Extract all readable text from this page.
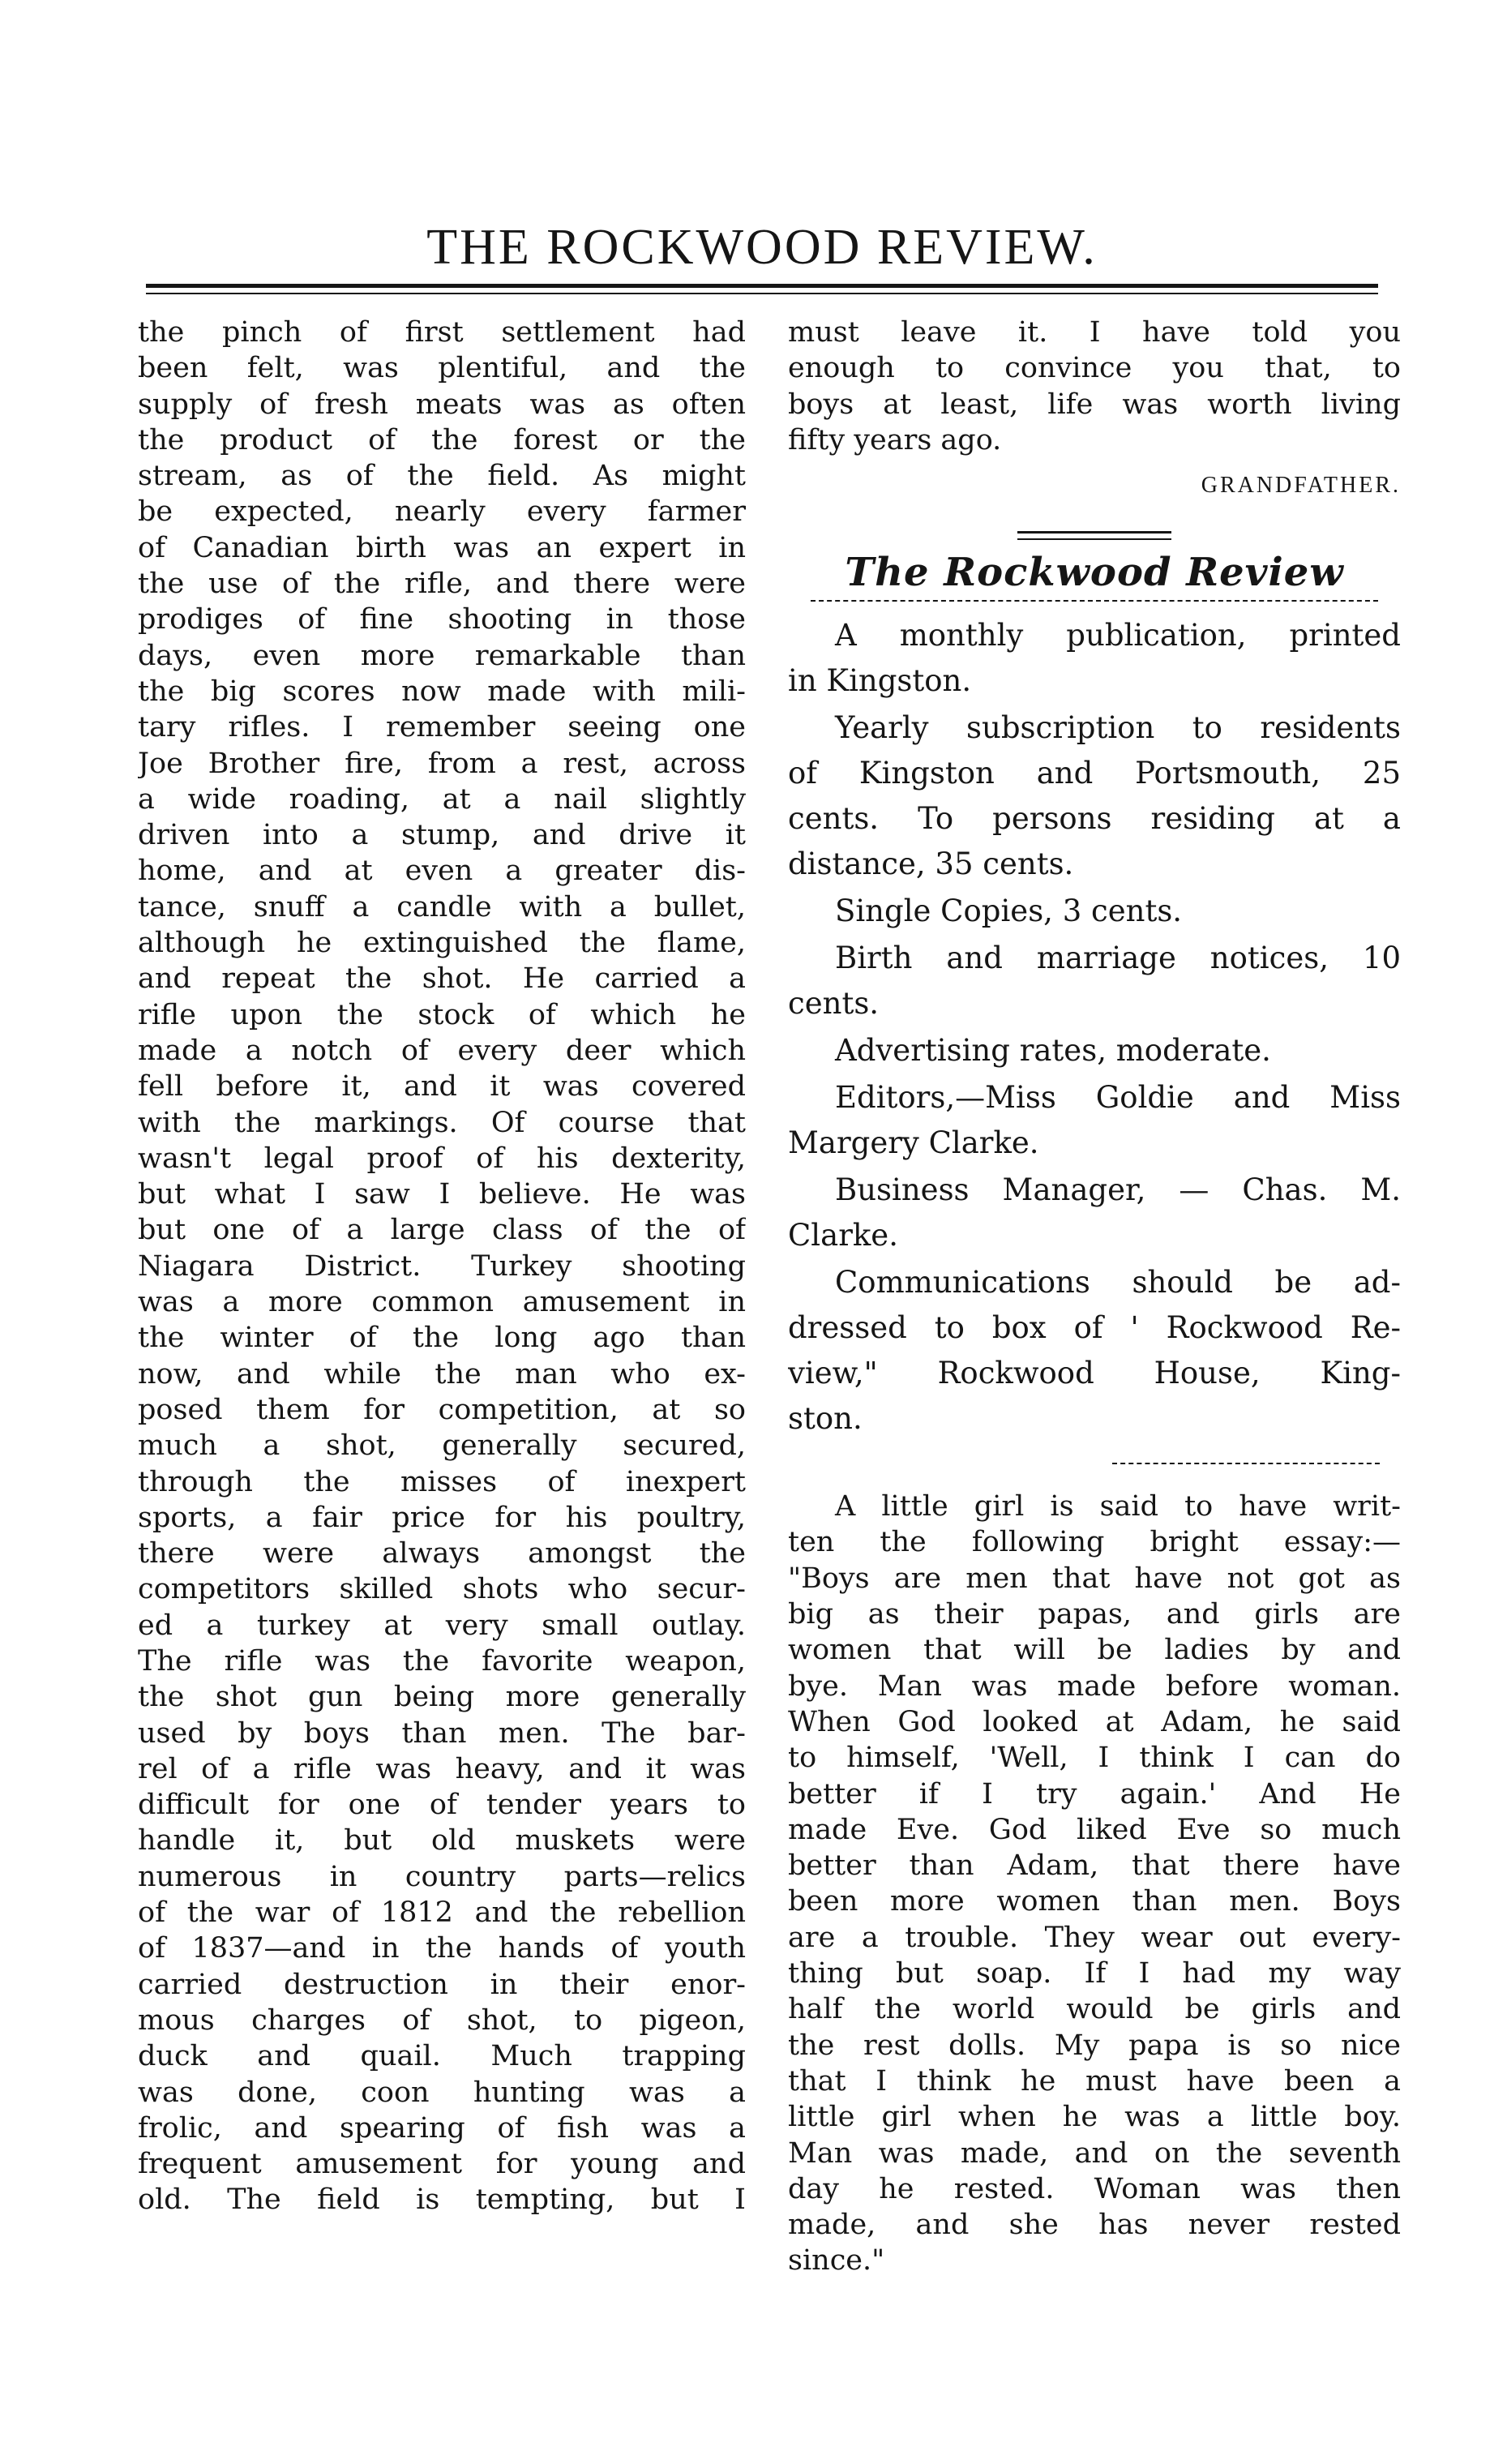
THE ROCKWOOD REVIEW.
the pinch of first settlement had
been felt, was plentiful, and the
supply of fresh meats was as often
the product of the forest or the
stream, as of the field. As might
be expected, nearly every farmer
of Canadian birth was an expert in
the use of the rifle, and there were
prodiges of fine shooting in those
days, even more remarkable than
the big scores now made with mili-
tary rifles. I remember seeing one
Joe Brother fire, from a rest, across
a wide roading, at a nail slightly
driven into a stump, and drive it
home, and at even a greater dis-
tance, snuff a candle with a bullet,
although he extinguished the flame,
and repeat the shot. He carried a
rifle upon the stock of which he
made a notch of every deer which
fell before it, and it was covered
with the markings. Of course that
wasn't legal proof of his dexterity,
but what I saw I believe. He was
but one of a large class of the of
Niagara District. Turkey shooting
was a more common amusement in
the winter of the long ago than
now, and while the man who ex-
posed them for competition, at so
much a shot, generally secured,
through the misses of inexpert
sports, a fair price for his poultry,
there were always amongst the
competitors skilled shots who secur-
ed a turkey at very small outlay.
The rifle was the favorite weapon,
the shot gun being more generally
used by boys than men. The bar-
rel of a rifle was heavy, and it was
difficult for one of tender years to
handle it, but old muskets were
numerous in country parts—relics
of the war of 1812 and the rebellion
of 1837—and in the hands of youth
carried destruction in their enor-
mous charges of shot, to pigeon,
duck and quail. Much trapping
was done, coon hunting was a
frolic, and spearing of fish was a
frequent amusement for young and
old. The field is tempting, but I
must leave it. I have told you
enough to convince you that, to
boys at least, life was worth living
fifty years ago.
GRANDFATHER.
The Rockwood Review
A monthly publication, printed
in Kingston.
Yearly subscription to residents
of Kingston and Portsmouth, 25
cents. To persons residing at a
distance, 35 cents.
Single Copies, 3 cents.
Birth and marriage notices, 10
cents.
Advertising rates, moderate.
Editors,—Miss Goldie and Miss
Margery Clarke.
Business Manager, — Chas. M.
Clarke.
Communications should be ad-
dressed to box of ' Rockwood Re-
view," Rockwood House, King-
ston.
A little girl is said to have writ-
ten the following bright essay:—
"Boys are men that have not got as
big as their papas, and girls are
women that will be ladies by and
bye. Man was made before woman.
When God looked at Adam, he said
to himself, 'Well, I think I can do
better if I try again.' And He
made Eve. God liked Eve so much
better than Adam, that there have
been more women than men. Boys
are a trouble. They wear out every-
thing but soap. If I had my way
half the world would be girls and
the rest dolls. My papa is so nice
that I think he must have been a
little girl when he was a little boy.
Man was made, and on the seventh
day he rested. Woman was then
made, and she has never rested
since."
